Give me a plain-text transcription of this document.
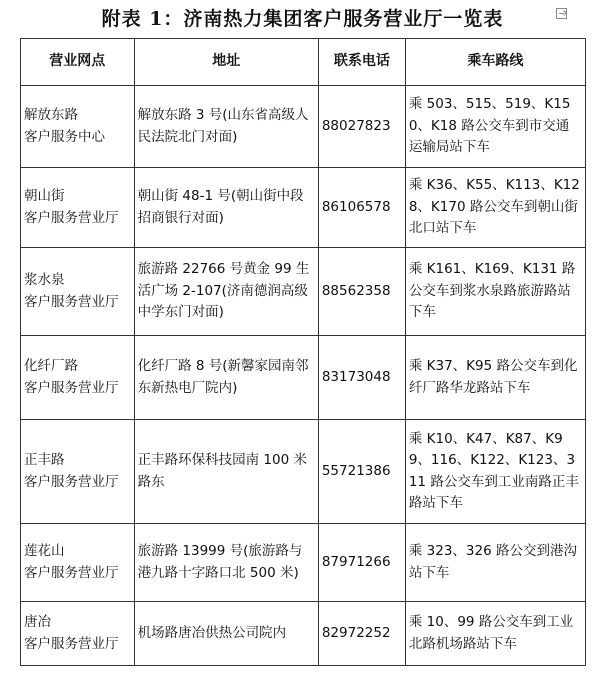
附表 1：济南热力集团客户服务营业厅一览表
营业网点	地址	联系电话	乘车路线

解放东路
客户服务中心	解放东路 3 号(山东省高级人民法院北门对面)	88027823	乘 503、515、519、K150、K18 路公交车到市交通运输局站下车

朝山街
客户服务营业厅	朝山街 48-1 号(朝山街中段招商银行对面)	86106578	乘 K36、K55、K113、K128、K170 路公交车到朝山街北口站下车

浆水泉
客户服务营业厅	旅游路 22766 号黄金 99 生活广场 2-107(济南德润高级中学东门对面)	88562358	乘 K161、K169、K131 路公交车到浆水泉路旅游路站下车

化纤厂路
客户服务营业厅	化纤厂路 8 号(新馨家园南邻东新热电厂院内)	83173048	乘 K37、K95 路公交车到化纤厂路华龙路站下车

正丰路
客户服务营业厅	正丰路环保科技园南 100 米路东	55721386	乘 K10、K47、K87、K99、116、K122、K123、311 路公交车到工业南路正丰路站下车

莲花山
客户服务营业厅	旅游路 13999 号(旅游路与港九路十字路口北 500 米)	87971266	乘 323、326 路公交到港沟站下车

唐冶
客户服务营业厅	机场路唐冶供热公司院内	82972252	乘 10、99 路公交车到工业北路机场路站下车
